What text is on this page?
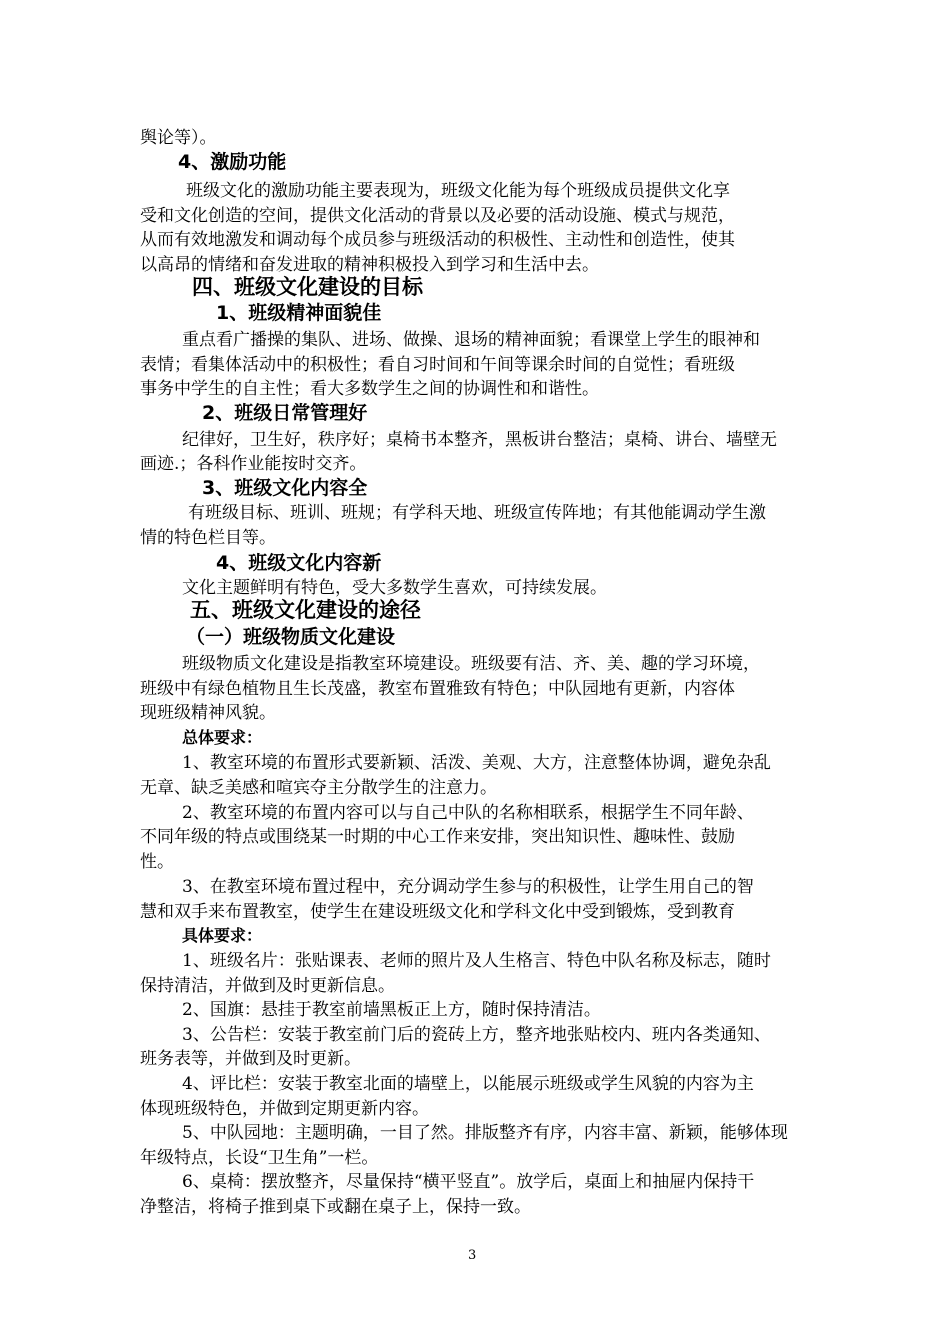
舆论等）。
4、激励功能
班级文化的激励功能主要表现为，班级文化能为每个班级成员提供文化享
受和文化创造的空间，提供文化活动的背景以及必要的活动设施、模式与规范，
从而有效地激发和调动每个成员参与班级活动的积极性、主动性和创造性，使其
以高昂的情绪和奋发进取的精神积极投入到学习和生活中去。
四、班级文化建设的目标
1、班级精神面貌佳
重点看广播操的集队、进场、做操、退场的精神面貌；看课堂上学生的眼神和
表情；看集体活动中的积极性；看自习时间和午间等课余时间的自觉性；看班级
事务中学生的自主性；看大多数学生之间的协调性和和谐性。
2、班级日常管理好
纪律好，卫生好，秩序好；桌椅书本整齐，黑板讲台整洁；桌椅、讲台、墙壁无
画迹.；各科作业能按时交齐。
3、班级文化内容全
有班级目标、班训、班规；有学科天地、班级宣传阵地；有其他能调动学生激
情的特色栏目等。
4、班级文化内容新
文化主题鲜明有特色，受大多数学生喜欢，可持续发展。
五、班级文化建设的途径
（一）班级物质文化建设
班级物质文化建设是指教室环境建设。班级要有洁、齐、美、趣的学习环境，
班级中有绿色植物且生长茂盛，教室布置雅致有特色；中队园地有更新，内容体
现班级精神风貌。
总体要求：
1、教室环境的布置形式要新颖、活泼、美观、大方，注意整体协调，避免杂乱
无章、缺乏美感和喧宾夺主分散学生的注意力。
2、教室环境的布置内容可以与自己中队的名称相联系，根据学生不同年龄、
不同年级的特点或围绕某一时期的中心工作来安排，突出知识性、趣味性、鼓励
性。
3、在教室环境布置过程中，充分调动学生参与的积极性，让学生用自己的智
慧和双手来布置教室，使学生在建设班级文化和学科文化中受到锻炼，受到教育
具体要求：
1、班级名片：张贴课表、老师的照片及人生格言、特色中队名称及标志，随时
保持清洁，并做到及时更新信息。
2、国旗：悬挂于教室前墙黑板正上方，随时保持清洁。
3、公告栏：安装于教室前门后的瓷砖上方，整齐地张贴校内、班内各类通知、
班务表等，并做到及时更新。
4、评比栏：安装于教室北面的墙壁上，以能展示班级或学生风貌的内容为主
体现班级特色，并做到定期更新内容。
5、中队园地：主题明确，一目了然。排版整齐有序，内容丰富、新颖，能够体现
年级特点，长设“卫生角”一栏。
6、桌椅：摆放整齐，尽量保持“横平竖直”。放学后，桌面上和抽屉内保持干
净整洁，将椅子推到桌下或翻在桌子上，保持一致。
3
